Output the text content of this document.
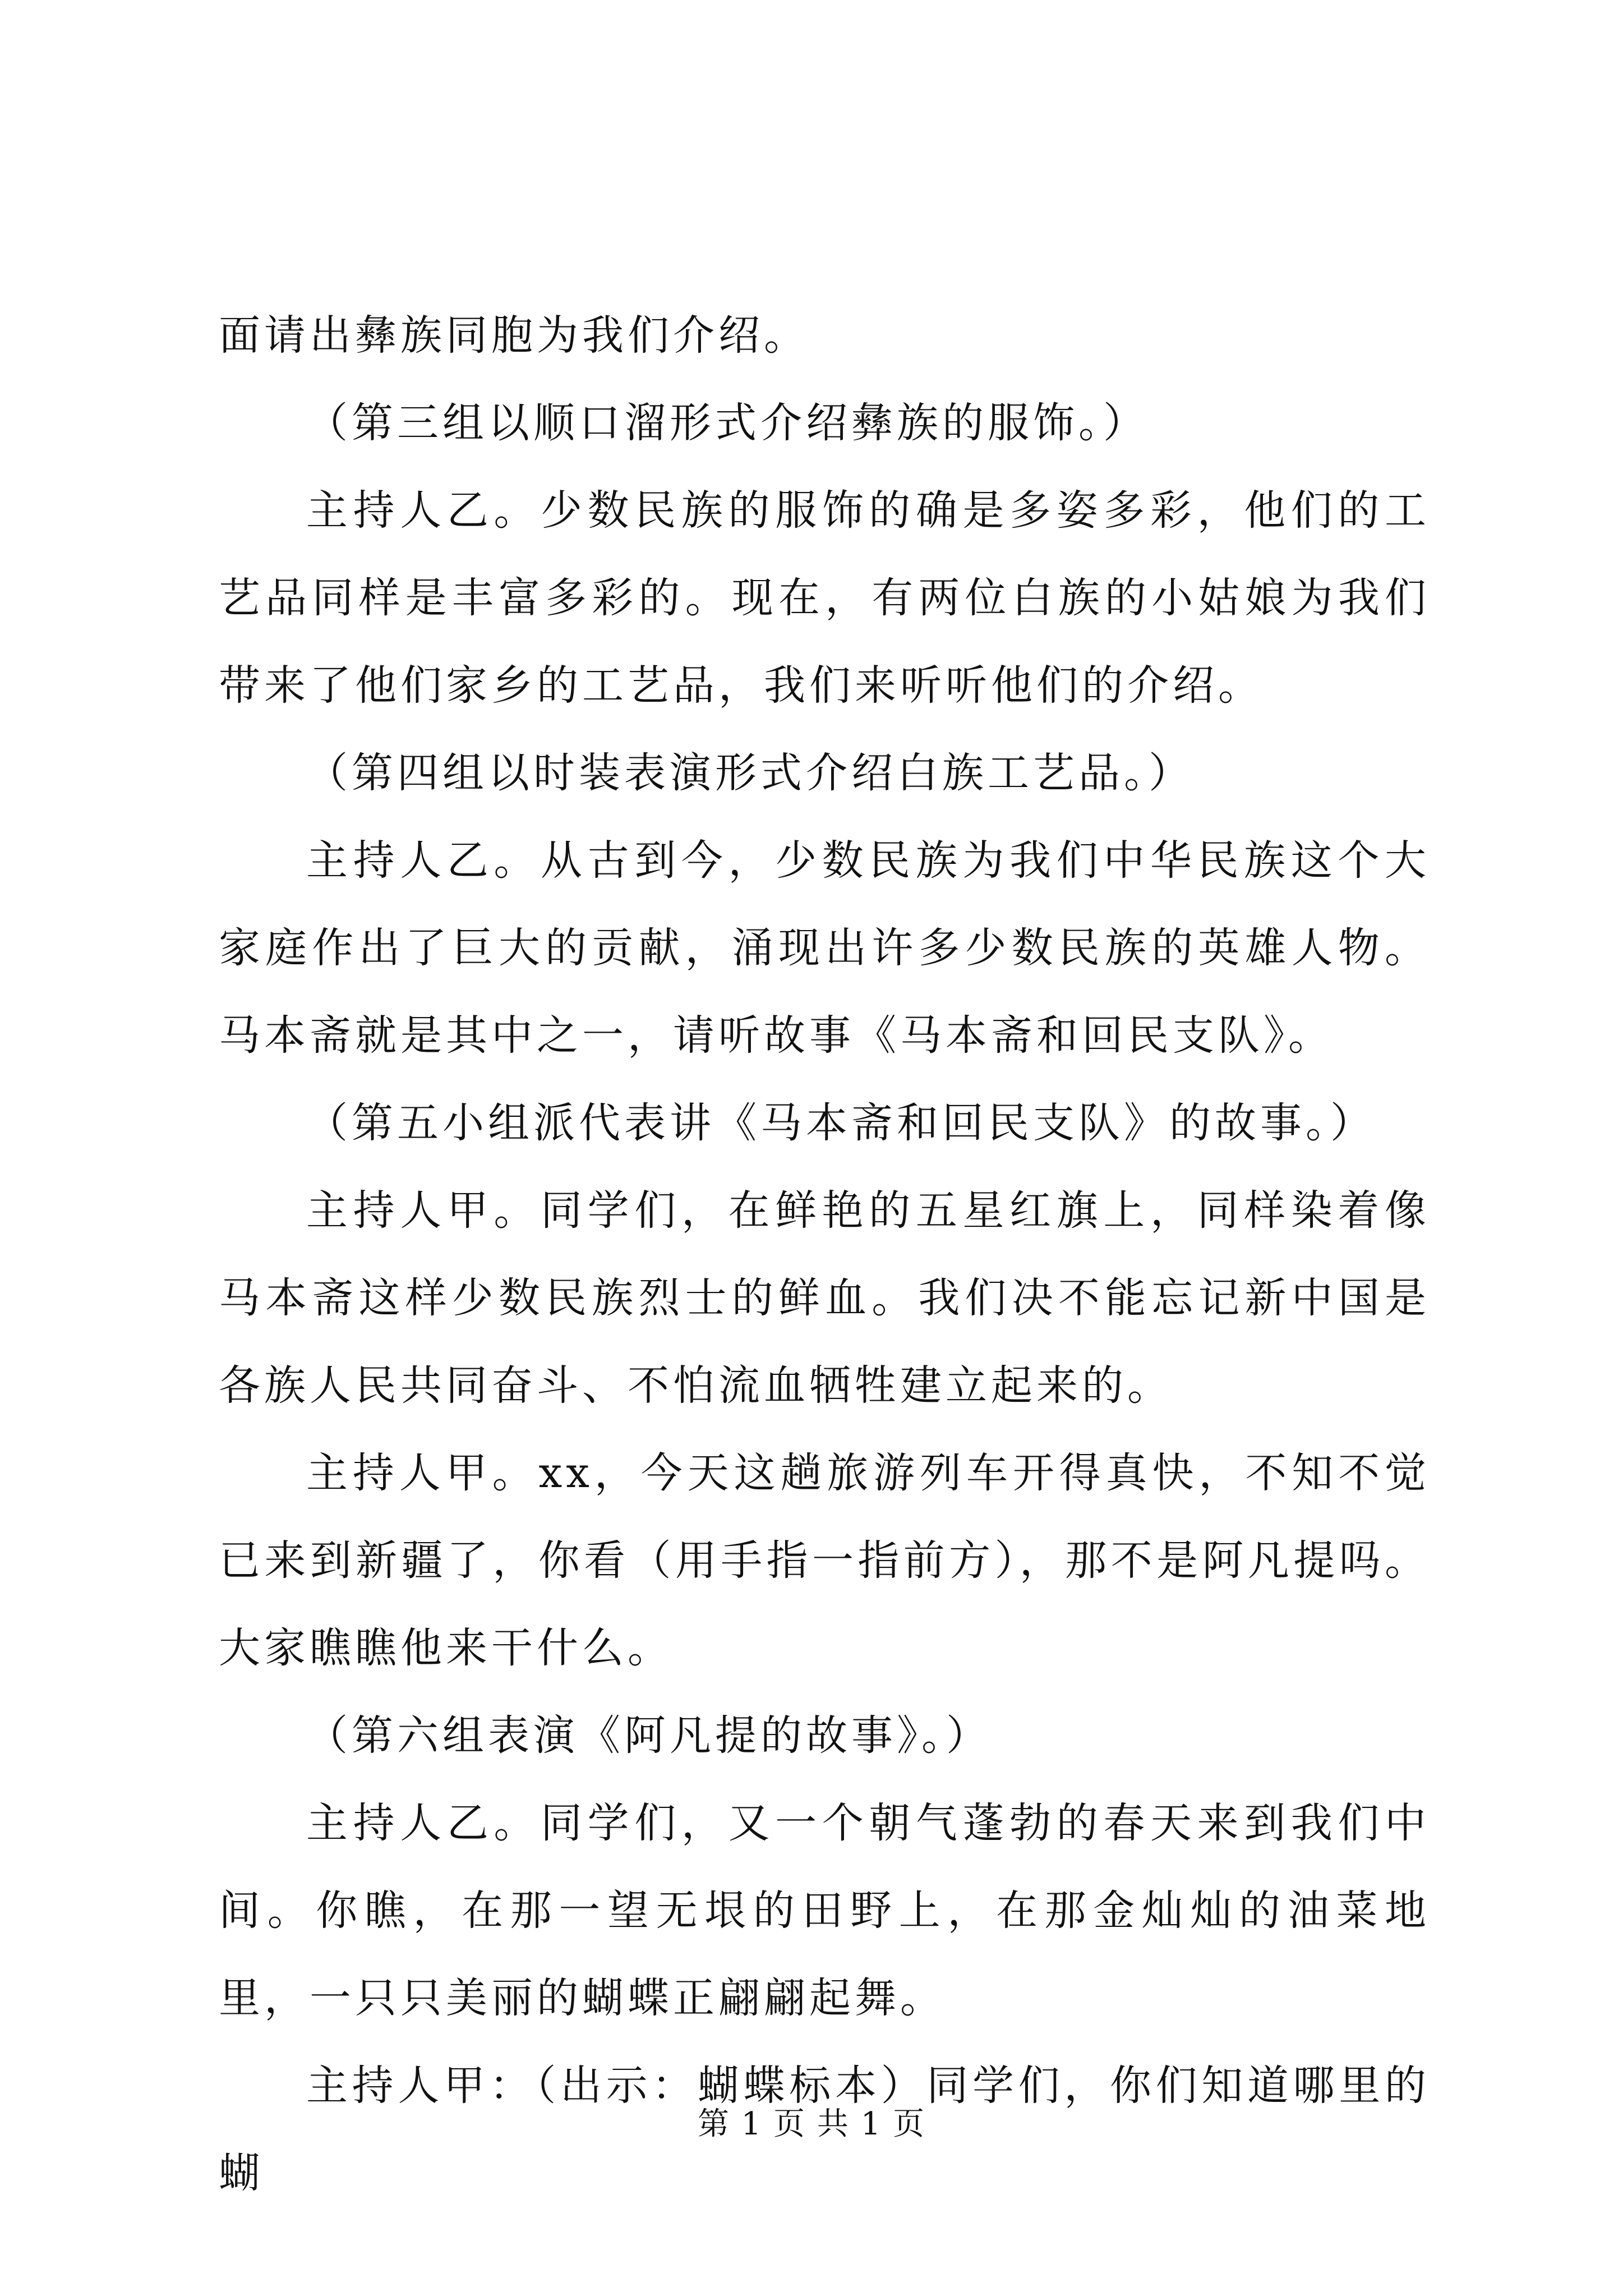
面请出彝族同胞为我们介绍。

（第三组以顺口溜形式介绍彝族的服饰。）

主持人乙。少数民族的服饰的确是多姿多彩，他们的工艺品同样是丰富多彩的。现在，有两位白族的小姑娘为我们带来了他们家乡的工艺品，我们来听听他们的介绍。

（第四组以时装表演形式介绍白族工艺品。）

主持人乙。从古到今，少数民族为我们中华民族这个大家庭作出了巨大的贡献，涌现出许多少数民族的英雄人物。马本斋就是其中之一，请听故事《马本斋和回民支队》。

（第五小组派代表讲《马本斋和回民支队》的故事。）

主持人甲。同学们，在鲜艳的五星红旗上，同样染着像马本斋这样少数民族烈士的鲜血。我们决不能忘记新中国是各族人民共同奋斗、不怕流血牺牲建立起来的。

主持人甲。xx，今天这趟旅游列车开得真快，不知不觉已来到新疆了，你看（用手指一指前方），那不是阿凡提吗。大家瞧瞧他来干什么。

（第六组表演《阿凡提的故事》。）

主持人乙。同学们，又一个朝气蓬勃的春天来到我们中间。你瞧，在那一望无垠的田野上，在那金灿灿的油菜地里，一只只美丽的蝴蝶正翩翩起舞。

主持人甲：（出示：蝴蝶标本）同学们，你们知道哪里的蝴

第 1 页 共 1 页
